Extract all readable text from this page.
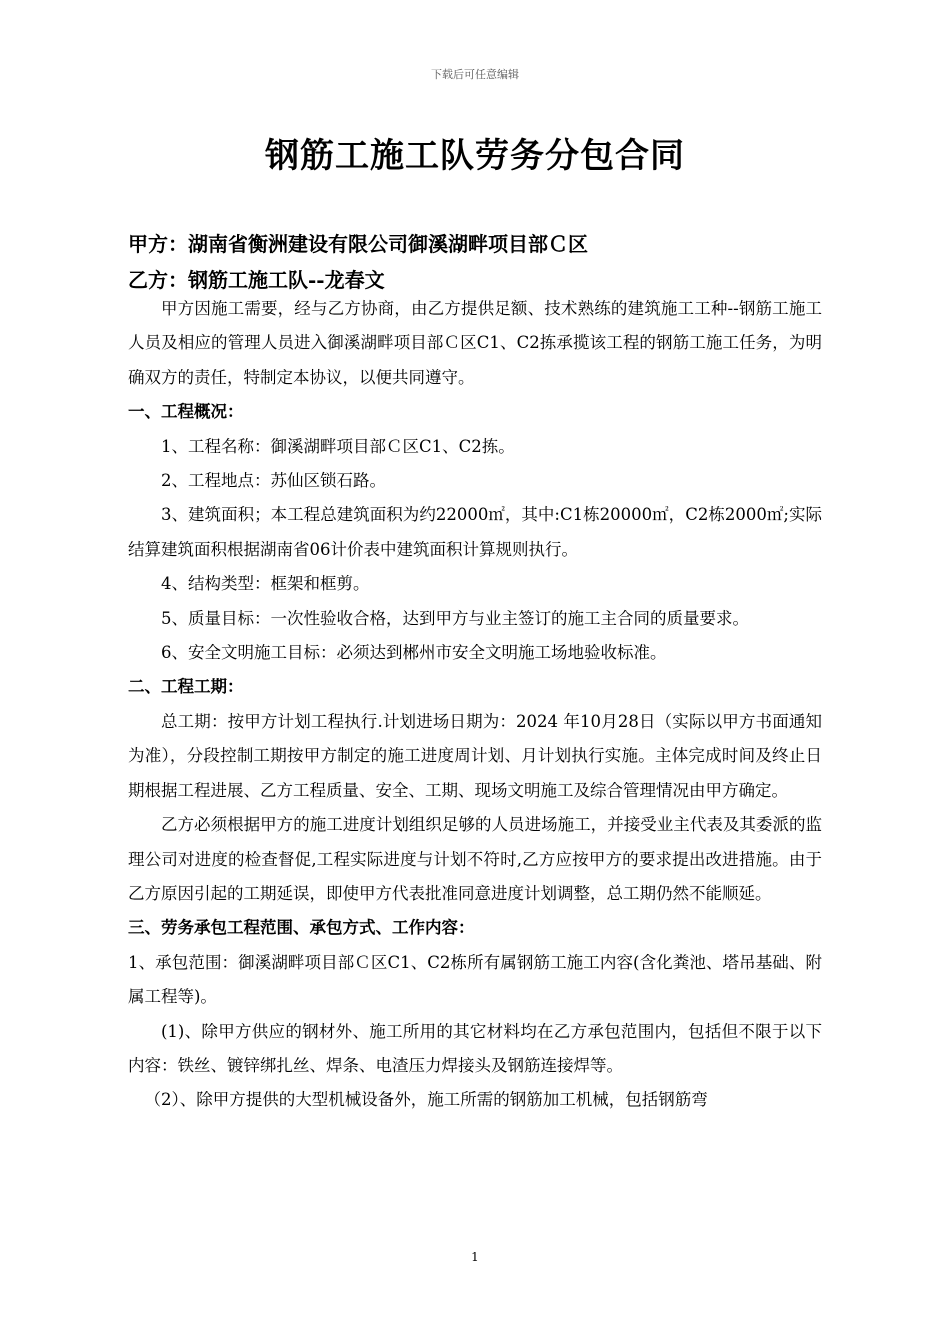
下载后可任意编辑
钢筋工施工队劳务分包合同
甲方：湖南省衡洲建设有限公司御溪湖畔项目部Ｃ区
乙方：钢筋工施工队--龙春文

甲方因施工需要，经与乙方协商，由乙方提供足额、技术熟练的建筑施工工种--钢筋工施工人员及相应的管理人员进入御溪湖畔项目部Ｃ区C1、C2拣承揽该工程的钢筋工施工任务，为明确双方的责任，特制定本协议，以便共同遵守。

一、工程概况：

1、工程名称：御溪湖畔项目部Ｃ区C1、C2拣。

2、工程地点：苏仙区锁石路。

3、建筑面积；本工程总建筑面积为约22000㎡，其中:C1栋20000㎡，C2栋2000㎡;实际结算建筑面积根据湖南省06计价表中建筑面积计算规则执行。

4、结构类型：框架和框剪。

5、质量目标：一次性验收合格，达到甲方与业主签订的施工主合同的质量要求。

6、安全文明施工目标：必须达到郴州市安全文明施工场地验收标准。

二、工程工期：

总工期：按甲方计划工程执行.计划进场日期为：2024 年10月28日（实际以甲方书面通知为准），分段控制工期按甲方制定的施工进度周计划、月计划执行实施。主体完成时间及终止日期根据工程进展、乙方工程质量、安全、工期、现场文明施工及综合管理情况由甲方确定。

乙方必须根据甲方的施工进度计划组织足够的人员进场施工，并接受业主代表及其委派的监理公司对进度的检查督促,工程实际进度与计划不符时,乙方应按甲方的要求提出改进措施。由于乙方原因引起的工期延误，即使甲方代表批准同意进度计划调整，总工期仍然不能顺延。

三、劳务承包工程范围、承包方式、工作内容：

1、承包范围：御溪湖畔项目部Ｃ区C1、C2栋所有属钢筋工施工内容(含化粪池、塔吊基础、附属工程等)。

(1)、除甲方供应的钢材外、施工所用的其它材料均在乙方承包范围内，包括但不限于以下内容：铁丝、镀锌绑扎丝、焊条、电渣压力焊接头及钢筋连接焊等。

（2）、除甲方提供的大型机械设备外，施工所需的钢筋加工机械，包括钢筋弯

1
